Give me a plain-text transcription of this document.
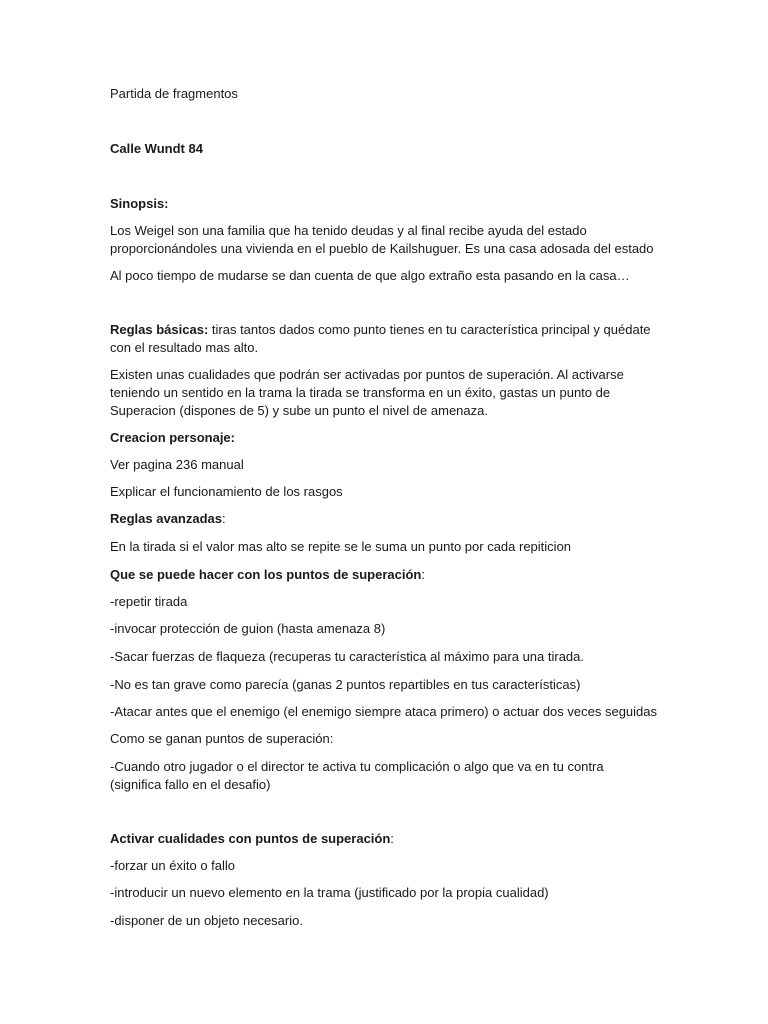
Partida de fragmentos

Calle Wundt 84

Sinopsis:

Los Weigel son una familia que ha tenido deudas y al final recibe ayuda del estado

proporcionándoles una vivienda en el pueblo de Kailshuguer. Es una casa adosada del estado

Al poco tiempo de mudarse se dan cuenta de que algo extraño esta pasando en la casa…

Reglas básicas: tiras tantos dados como punto tienes en tu característica principal y quédate

con el resultado mas alto.

Existen unas cualidades que podrán ser activadas por puntos de superación. Al activarse

teniendo un sentido en la trama la tirada se transforma en un éxito, gastas un punto de

Superacion (dispones de 5) y sube un punto el nivel de amenaza.

Creacion personaje:

Ver pagina 236 manual

Explicar el funcionamiento de los rasgos

Reglas avanzadas:

En la tirada si el valor mas alto se repite se le suma un punto por cada repiticion

Que se puede hacer con los puntos de superación:

-repetir tirada

-invocar protección de guion (hasta amenaza 8)

-Sacar fuerzas de flaqueza (recuperas tu característica al máximo para una tirada.

-No es tan grave como parecía (ganas 2 puntos repartibles en tus características)

-Atacar antes que el enemigo (el enemigo siempre ataca primero) o actuar dos veces seguidas

Como se ganan puntos de superación:

-Cuando otro jugador o el director te activa tu complicación o algo que va en tu contra

(significa fallo en el desafio)

Activar cualidades con puntos de superación:

-forzar un éxito o fallo

-introducir un nuevo elemento en la trama (justificado por la propia cualidad)

-disponer de un objeto necesario.
